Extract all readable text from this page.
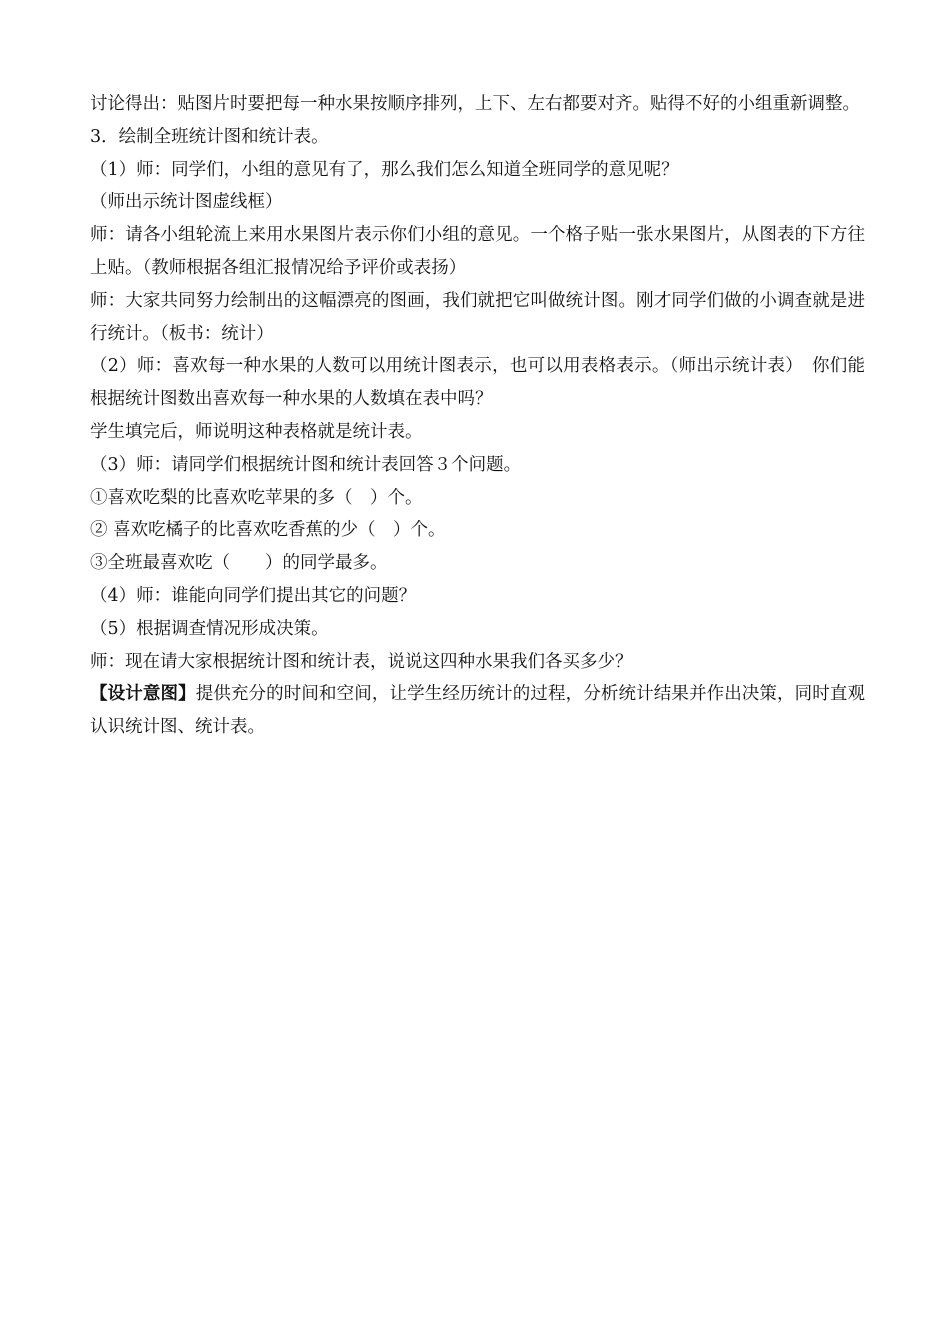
讨论得出：贴图片时要把每一种水果按顺序排列，上下、左右都要对齐。贴得不好的小组重新调整。

3．绘制全班统计图和统计表。

（1）师：同学们，小组的意见有了，那么我们怎么知道全班同学的意见呢？

（师出示统计图虚线框）

师：请各小组轮流上来用水果图片表示你们小组的意见。一个格子贴一张水果图片，从图表的下方往上贴。（教师根据各组汇报情况给予评价或表扬）

师：大家共同努力绘制出的这幅漂亮的图画，我们就把它叫做统计图。刚才同学们做的小调查就是进行统计。（板书：统计）

（2）师：喜欢每一种水果的人数可以用统计图表示，也可以用表格表示。（师出示统计表）　你们能根据统计图数出喜欢每一种水果的人数填在表中吗？

学生填完后，师说明这种表格就是统计表。

（3）师：请同学们根据统计图和统计表回答３个问题。

①喜欢吃梨的比喜欢吃苹果的多（　）个。

② 喜欢吃橘子的比喜欢吃香蕉的少（　）个。

③全班最喜欢吃（　　）的同学最多。

（4）师：谁能向同学们提出其它的问题？

（5）根据调查情况形成决策。

师：现在请大家根据统计图和统计表，说说这四种水果我们各买多少？

【设计意图】提供充分的时间和空间，让学生经历统计的过程，分析统计结果并作出决策，同时直观认识统计图、统计表。
